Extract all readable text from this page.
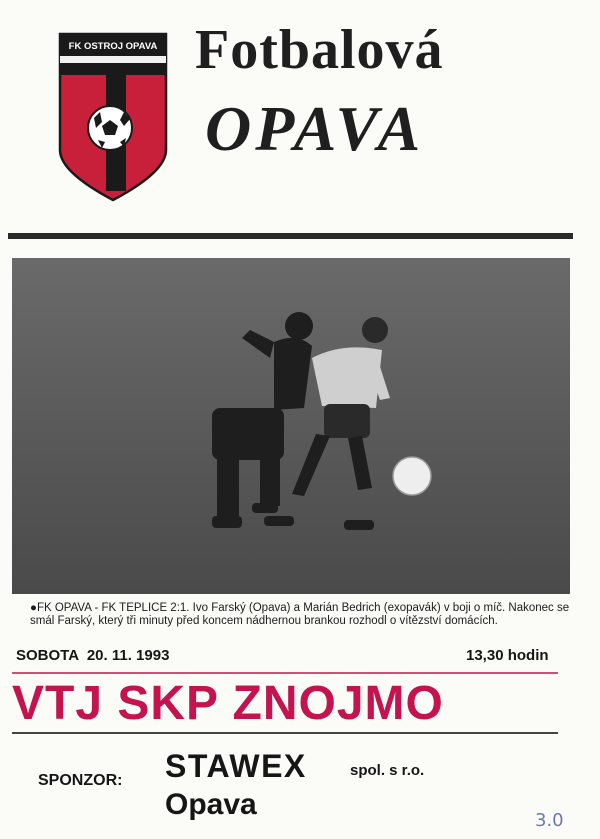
FK OSTROJ OPAVA Fotbalová
OPAVA
●FK OPAVA - FK TEPLICE 2:1. Ivo Farský (Opava) a Marián Bedrich (exopavák) v boji o míč. Nakonec se smál Farský, který tři minuty před koncem nádhernou brankou rozhodl o vítězství domácích.
SOBOTA  20. 11. 1993	13,30 hodin
VTJ SKP ZNOJMO
SPONZOR: STAWEX	spol. s r.o.
Opava	3.0
